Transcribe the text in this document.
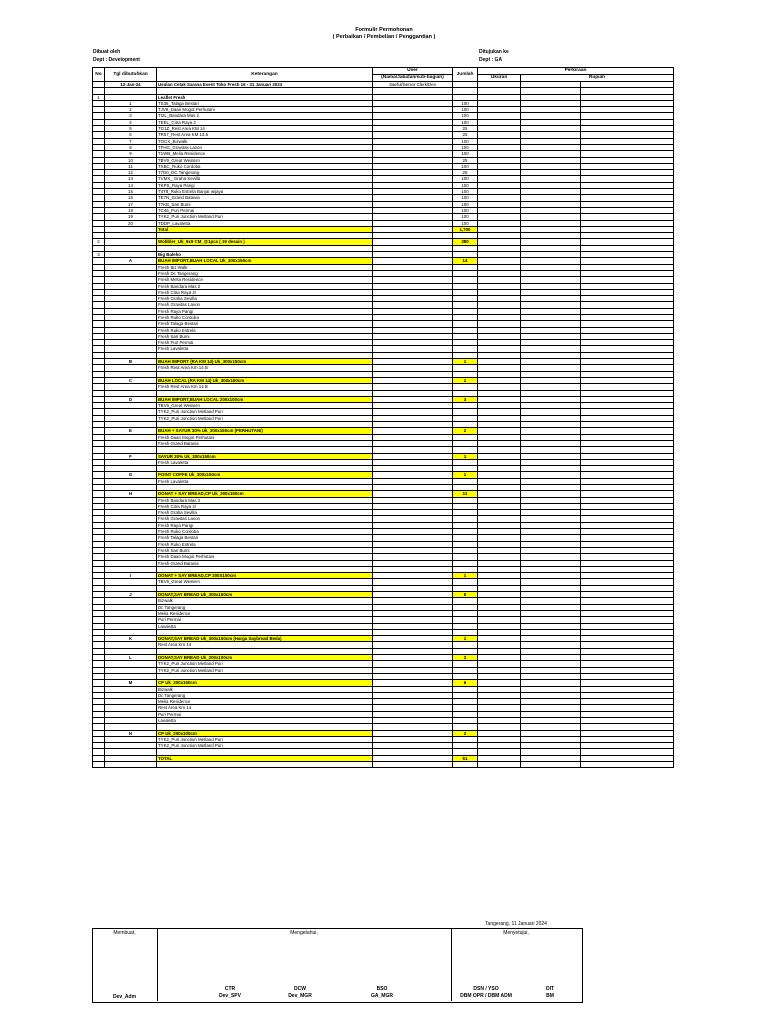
Formulir Permohonan
( Perbaikan / Pembelian / Penggantian )
Dibuat oleh
Dept : Development
Ditujukan ke
Dept : GA
No	Tgl dibutuhkan	Keterangan	User	Jumlah	Perkiraan		
			(Nama/Jabatan/sub-bagian)		Ukuran	Rupiah	
	12-Jan-24	Usulan Cetak Sarana Event Toko Fresh 16 - 31 Januari 2024	Saeful/Senior Clerk/Dev				

1		Leaflet Fresh					
	1	TS35_Talaga Bestari		100			
	2	TJV9_Daan Mogot Perhutani		100			
	3	TI2L_Bandara Mas 2		100			
	4	TEEL_Citra Raya 2		100			
	5	TG1Z_Rest Area KM 14		25			
	6	TR57_Rest Area KM 13,5		25			
	7	TOCX_Bizwalk		100			
	8	TFHG_Gravitas Lavon		100			
	9	T1WB_Melia Residence		100			
	10	TBV9_Great Western		25			
	11	TXBC_Ruko Cordoba		100			
	12	T7D0_DC Tangerang		25			
	13	TVMX_ Graha Sevilla		100			
	14	TKPS_Raya Parigi		100			
	15	T4T8_Ruko Estrela Banjar wijaya		100			
	16	TE7N_Grand Batavia		100			
	17	T7KB_Sari Bumi		100			
	18	TC46_Puri Permai		100			
	19	TYK2_Puri Junction Metland Puri		100			
	20	TDDP_Lavaletta		100			
		Total		1,700			

2		Wobbler_Uk_9x9 CM_@1pcs ( 19 desain )		380			

3		Big Baleho					
	A	BUAH IMPORT,BUAH LOCAL Uk_300x150cm		14			
		Fresh Biz Walk					
		Fresh Dc Tangerang					
		Fresh Melia Residence					
		Fresh Bandara Mas 2					
		Fresh Citra Raya 2/					
		Fresh Graha Sevilla					
		Fresh Gravitas Lavon					
		Fresh Raya Parigi					
		Fresh Ruko Cordoba					
		Fresh Talaga Bestari					
		Fresh Ruko Estrela					
		Fresh Sari Bumi					
		Fresh Puri Permai					
		Fresh Lavaletta					

	B	BUAH IMPORT (RA KM 14) Uk_300x150cm		1			
		Fresh Rest Area Km 14 B					

	C	BUAH LOCAL (RA KM 14) Uk_300x150cm		1			
		Fresh Rest Area Km 14 B					

	D	BUAH IMPORT,BUAH LOCAL 200x100cm		3			
		TBV9_Great Western					
		TYK2_Puri Junction Metland Puri					
		TYK2_Puri Junction Metland Puri					

	E	BUAH + SAYUR 30% Uk_300x150cm (PERHUTANI)		2			
		Fresh Daan Mogot Perhutani					
		Fresh Grand Batavia					

	F	SAYUR 30% Uk_300x150cm		1			
		Fresh Lavaletta					

	G	POINT COFFE Uk_300x150cm		1			
		Fresh Lavaletta					

	H	DONAT + SAY BREAD,CP Uk_300x150cm		11			
		Fresh Bandara Mas 2					
		Fresh Citra Raya 2/					
		Fresh Graha Sevilla					
		Fresh Gravitas Lavon					
		Fresh Raya Parigi					
		Fresh Ruko Cordoba					
		Fresh Talaga Bestari					
		Fresh Ruko Estrela					
		Fresh Sari Bumi					
		Fresh Daan Mogot Perhutani					
		Fresh Grand Batavia					

	I	DONAT + SAY BREAD,CP 200X100cm		1			
		TBV9_Great Western					

	J	DONAT,SAY BREAD Uk_300x150cm		5			
		Bizwalk					
		Dc Tangerang					
		Melia Residence					
		Puri Permai					
		Lavaletta					

	K	DONAT,SAY BREAD Uk_300x150cm (Harga Saybread Beda)		1			
		Rest Area Km 14					

	L	DONAT,SAY BREAD Uk_200x100cm		2			
		TYK2_Puri Junction Metland Puri					
		TYK2_Puri Junction Metland Puri					

	M	CP Uk_300x150cm		6			
		Bizwalk					
		Dc Tangerang					
		Melia Residence					
		Rest Area Km 14					
		Puri Permai					
		Lavaletta					

	N	CP Uk_200x100cm		2			
		TYK2_Puri Junction Metland Puri					
		TYK2_Puri Junction Metland Puri					

		TOTAL		51			

Tangerang, 11 Januari 2024
Membuat,	Mengetahui,	Menyetujui,
Dev_Adm
CTR
Dev_SPV
DCW
Dev_MGR
BSO
GA_MGR
DSN / YSO
DBM OPR / DBM ADM
DIT
BM
